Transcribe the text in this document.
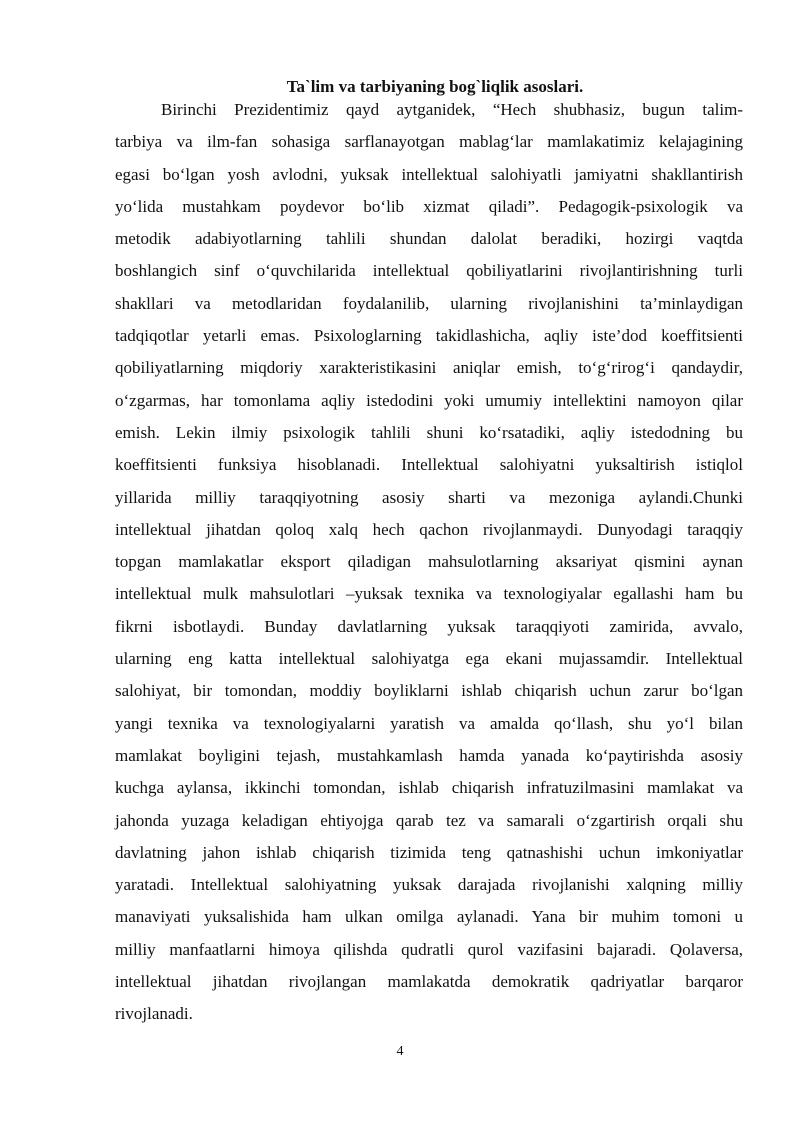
Ta`lim va tarbiyaning bog`liqlik asoslari.
Birinchi Prezidentimiz qayd aytganidek, “Hech shubhasiz, bugun talim-
tarbiya va ilm-fan sohasiga sarflanayotgan mablag‘lar mamlakatimiz kelajagining
egasi bo‘lgan yosh avlodni, yuksak intellektual salohiyatli jamiyatni shakllantirish
yo‘lida mustahkam poydevor bo‘lib xizmat qiladi”. Pedagogik-psixologik va
metodik adabiyotlarning tahlili shundan dalolat beradiki, hozirgi vaqtda
boshlangich sinf o‘quvchilarida intellektual qobiliyatlarini rivojlantirishning turli
shakllari va metodlaridan foydalanilib, ularning rivojlanishini ta’minlaydigan
tadqiqotlar yetarli emas. Psixologlarning takidlashicha, aqliy iste’dod koeffitsienti
qobiliyatlarning miqdoriy xarakteristikasini aniqlar emish, to‘g‘rirog‘i qandaydir,
o‘zgarmas, har tomonlama aqliy istedodini yoki umumiy intellektini namoyon qilar
emish. Lekin ilmiy psixologik tahlili shuni ko‘rsatadiki, aqliy istedodning bu
koeffitsienti funksiya hisoblanadi. Intellektual salohiyatni yuksaltirish istiqlol
yillarida milliy taraqqiyotning asosiy sharti va mezoniga aylandi.Chunki
intellektual jihatdan qoloq xalq hech qachon rivojlanmaydi. Dunyodagi taraqqiy
topgan mamlakatlar eksport qiladigan mahsulotlarning aksariyat qismini aynan
intellektual mulk mahsulotlari –yuksak texnika va texnologiyalar egallashi ham bu
fikrni isbotlaydi. Bunday davlatlarning yuksak taraqqiyoti zamirida, avvalo,
ularning eng katta intellektual salohiyatga ega ekani mujassamdir. Intellektual
salohiyat, bir tomondan, moddiy boyliklarni ishlab chiqarish uchun zarur bo‘lgan
yangi texnika va texnologiyalarni yaratish va amalda qo‘llash, shu yo‘l bilan
mamlakat boyligini tejash, mustahkamlash hamda yanada ko‘paytirishda asosiy
kuchga aylansa, ikkinchi tomondan, ishlab chiqarish infratuzilmasini mamlakat va
jahonda yuzaga keladigan ehtiyojga qarab tez va samarali o‘zgartirish orqali shu
davlatning jahon ishlab chiqarish tizimida teng qatnashishi uchun imkoniyatlar
yaratadi. Intellektual salohiyatning yuksak darajada rivojlanishi xalqning milliy
manaviyati yuksalishida ham ulkan omilga aylanadi. Yana bir muhim tomoni u
milliy manfaatlarni himoya qilishda qudratli qurol vazifasini bajaradi. Qolaversa,
intellektual jihatdan rivojlangan mamlakatda demokratik qadriyatlar barqaror
rivojlanadi.
4
